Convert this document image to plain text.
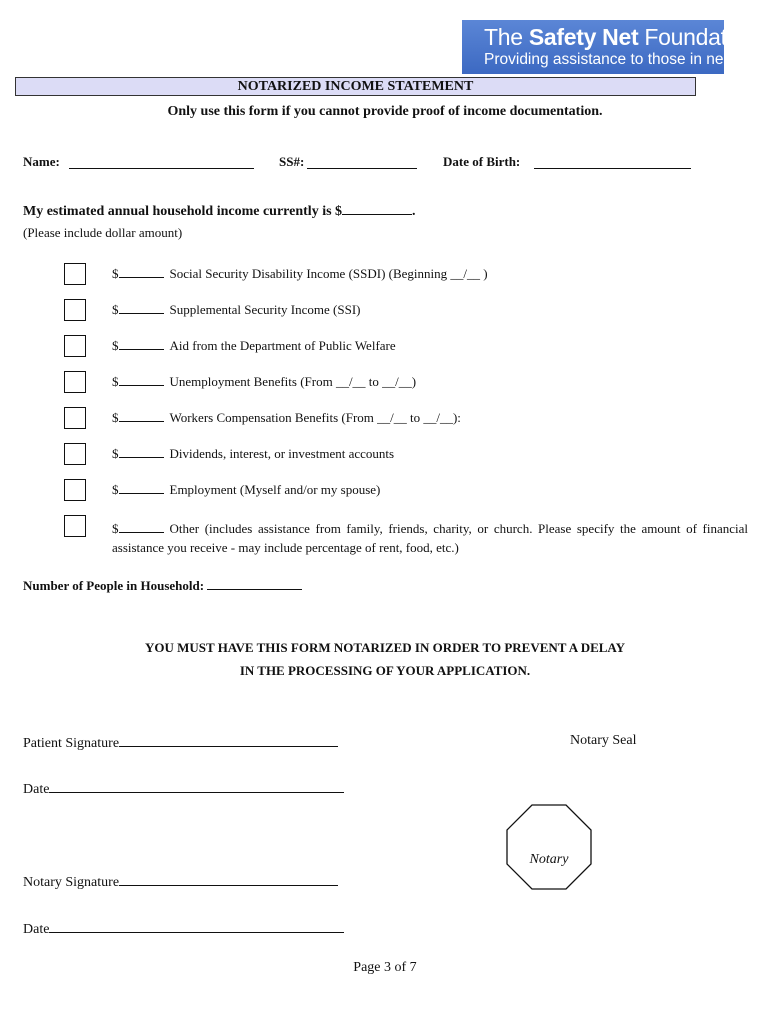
The Safety Net Foundation
Providing assistance to those in need.
NOTARIZED INCOME STATEMENT
Only use this form if you cannot provide proof of income documentation.
Name:	SS#:	Date of Birth:
My estimated annual household income currently is $	.
(Please include dollar amount)
$	Social Security Disability Income (SSDI) (Beginning __/__ )
$	Supplemental Security Income (SSI)
$	Aid from the Department of Public Welfare
$	Unemployment Benefits (From __/__ to __/__)
$	Workers Compensation Benefits (From __/__ to __/__):
$	Dividends, interest, or investment accounts
$	Employment (Myself and/or my spouse)
$	Other (includes assistance from family, friends, charity, or church. Please specify the amount of financial assistance you receive - may include percentage of rent, food, etc.)
Number of People in Household:
YOU MUST HAVE THIS FORM NOTARIZED IN ORDER TO PREVENT A DELAY
IN THE PROCESSING OF YOUR APPLICATION.
Patient Signature	Notary Seal
Date
Notary
Notary Signature
Date
Page 3 of 7
